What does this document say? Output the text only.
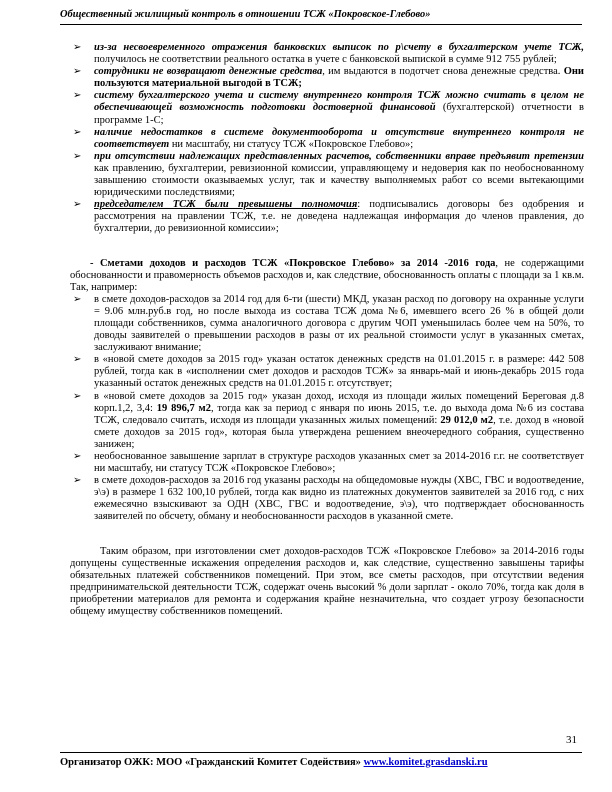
Общественный жилищный контроль в отношении ТСЖ «Покровское-Глебово»
➢ из-за несвоевременного отражения банковских выписок по р\счету в бухгалтерском учете ТСЖ, получилось не соответствии реального остатка в учете с банковской выпиской в сумме 912 755 рублей;
➢ сотрудники не возвращают денежные средства, им выдаются в подотчет снова денежные средства. Они пользуются материальной выгодой в ТСЖ;
➢ систему бухгалтерского учета и систему внутреннего контроля ТСЖ можно считать в целом не обеспечивающей возможность подготовки достоверной финансовой (бухгалтерской) отчетности в программе 1-С;
➢ наличие недостатков в системе документооборота и отсутствие внутреннего контроля не соответствует ни масштабу, ни статусу ТСЖ «Покровское Глебово»;
➢ при отсутствии надлежащих представленных расчетов, собственники вправе предъявит претензии как правлению, бухгалтерии, ревизионной комиссии, управляющему и недоверия как по необоснованному завышению стоимости оказываемых услуг, так и качеству выполняемых работ со всеми вытекающими юридическими последствиями;
➢ председателем ТСЖ были превышены полномочия: подписывались договоры без одобрения и рассмотрения на правлении ТСЖ, т.е. не доведена надлежащая информация до членов правления, до бухгалтерии, до ревизионной комиссии»;

- Сметами доходов и расходов ТСЖ «Покровское Глебово» за 2014 -2016 года, не содержащими обоснованности и правомерность объемов расходов и, как следствие, обоснованность оплаты с площади за 1 кв.м. Так, например:

➢ в смете доходов-расходов за 2014 год для 6-ти (шести) МКД, указан расход по договору на охранные услуги = 9.06 млн.руб.в год, но после выхода из состава ТСЖ дома №6, имевшего всего 26 % в общей доли площади собственников, сумма аналогичного договора с другим ЧОП уменьшилась более чем на 50%, то доводы заявителей о превышении расходов в разы от их реальной стоимости услуг в указанных сметах, заслуживают внимание;
➢ в «новой смете доходов за 2015 год» указан остаток денежных средств на 01.01.2015 г. в размере: 442 508 рублей, тогда как в «исполнении смет доходов и расходов ТСЖ» за январь-май и июнь-декабрь 2015 года указанный остаток денежных средств на 01.01.2015 г. отсутствует;
➢ в «новой смете доходов за 2015 год» указан доход, исходя из площади жилых помещений Береговая д.8 корп.1,2, 3,4: 19 896,7 м2, тогда как за период с января по июнь 2015, т.е. до выхода дома №6 из состава ТСЖ, следовало считать, исходя из площади указанных жилых помещений: 29 012,0 м2, т.е. доход в «новой смете доходов за 2015 год», которая была утверждена решением внеочередного собрания, существенно занижен;
➢ необоснованное завышение зарплат в структуре расходов указанных смет за 2014-2016 г.г. не соответствует ни масштабу, ни статусу ТСЖ «Покровское Глебово»;
➢ в смете доходов-расходов за 2016 год указаны расходы на общедомовые нужды (ХВС, ГВС и водоотведение, э\э) в размере 1 632 100,10 рублей, тогда как видно из платежных документов заявителей за 2016 год, с них ежемесячно взыскивают за ОДН (ХВС, ГВС и водоотведение, э\э), что подтверждает обоснованность заявителей по обсчету, обману и необоснованности расходов в указанной смете.

Таким образом, при изготовлении смет доходов-расходов ТСЖ «Покровское Глебово» за 2014-2016 годы допущены существенные искажения определения расходов и, как следствие, существенно завышены тарифы обязательных платежей собственников помещений. При этом, все сметы расходов, при отсутствии ведения предпринимательской деятельности ТСЖ, содержат очень высокий % доли зарплат - около 70%, тогда как доля в приобретении материалов для ремонта и содержания крайне незначительна, что создает угрозу безопасности общему имуществу собственников помещений.

31
Организатор ОЖК: МОО «Гражданский Комитет Содействия» www.komitet.grasdanski.ru
